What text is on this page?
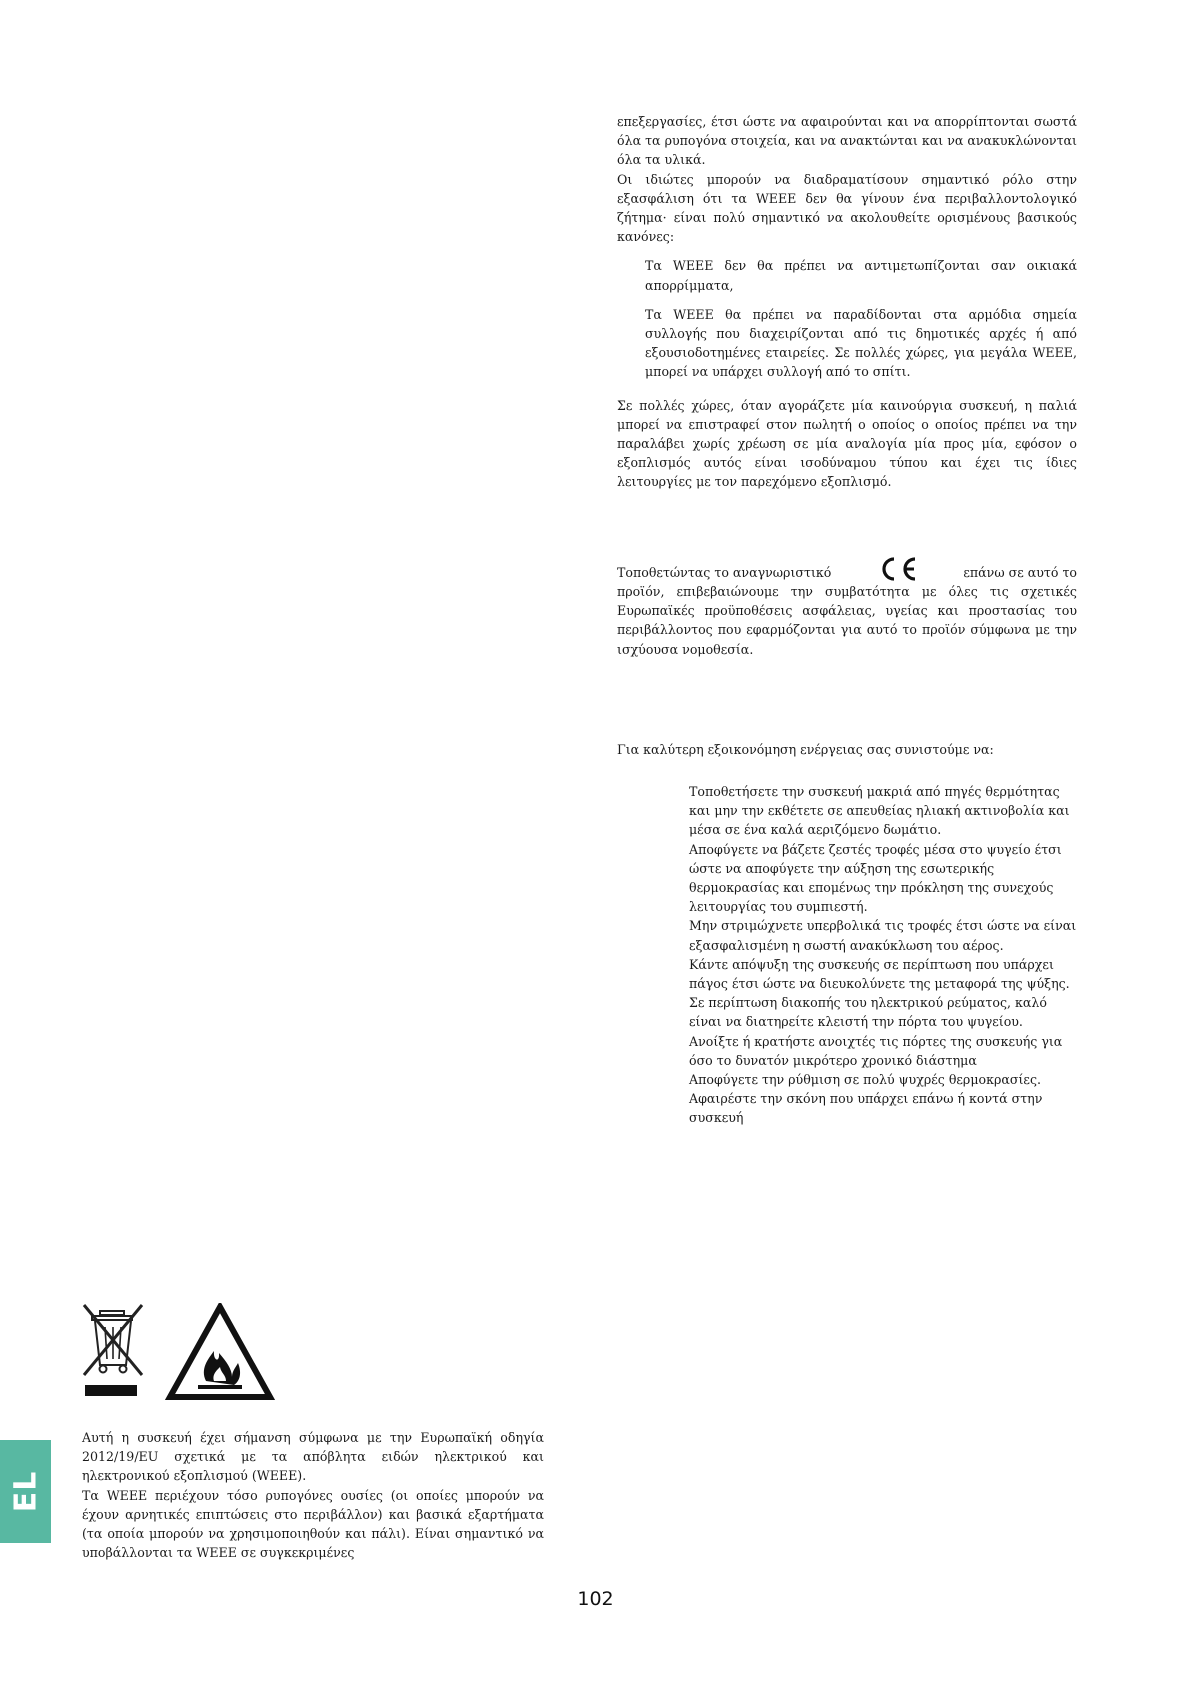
επεξεργασίες, έτσι ώστε να αφαιρούνται και να απορρίπτονται σωστά όλα τα ρυπογόνα στοιχεία, και να ανακτώνται και να ανακυκλώνονται όλα τα υλικά.

Οι ιδιώτες μπορούν να διαδραματίσουν σημαντικό ρόλο στην εξασφάλιση ότι τα WEEE δεν θα γίνουν ένα περιβαλλοντολογικό ζήτημα· είναι πολύ σημαντικό να ακολουθείτε ορισμένους βασικούς κανόνες:

Τα WEEE δεν θα πρέπει να αντιμετωπίζονται σαν οικιακά απορρίμματα,

Τα WEEE θα πρέπει να παραδίδονται στα αρμόδια σημεία συλλογής που διαχειρίζονται από τις δημοτικές αρχές ή από εξουσιοδοτημένες εταιρείες. Σε πολλές χώρες, για μεγάλα WEEE, μπορεί να υπάρχει συλλογή από το σπίτι.

Σε πολλές χώρες, όταν αγοράζετε μία καινούργια συσκευή, η παλιά μπορεί να επιστραφεί στον πωλητή ο οποίος ο οποίος πρέπει να την παραλάβει χωρίς χρέωση σε μία αναλογία μία προς μία, εφόσον ο εξοπλισμός αυτός είναι ισοδύναμου τύπου και έχει τις ίδιες λειτουργίες με τον παρεχόμενο εξοπλισμό.

Τοποθετώντας το αναγνωριστικό	επάνω σε αυτό το

προϊόν, επιβεβαιώνουμε την συμβατότητα με όλες τις σχετικές Ευρωπαϊκές προϋποθέσεις ασφάλειας, υγείας και προστασίας του περιβάλλοντος που εφαρμόζονται για αυτό το προϊόν σύμφωνα με την ισχύουσα νομοθεσία.

Για καλύτερη εξοικονόμηση ενέργειας σας συνιστούμε να:

Τοποθετήσετε την συσκευή μακριά από πηγές θερμότητας και μην την εκθέτετε σε απευθείας ηλιακή ακτινοβολία και μέσα σε ένα καλά αεριζόμενο δωμάτιο.

Αποφύγετε να βάζετε ζεστές τροφές μέσα στο ψυγείο έτσι ώστε να αποφύγετε την αύξηση της εσωτερικής θερμοκρασίας και επομένως την πρόκληση της συνεχούς λειτουργίας του συμπιεστή.

Μην στριμώχνετε υπερβολικά τις τροφές έτσι ώστε να είναι εξασφαλισμένη η σωστή ανακύκλωση του αέρος.

Κάντε απόψυξη της συσκευής σε περίπτωση που υπάρχει πάγος έτσι ώστε να διευκολύνετε της μεταφορά της ψύξης.

Σε περίπτωση διακοπής του ηλεκτρικού ρεύματος, καλό είναι να διατηρείτε κλειστή την πόρτα του ψυγείου.

Ανοίξτε ή κρατήστε ανοιχτές τις πόρτες της συσκευής για όσο το δυνατόν μικρότερο χρονικό διάστημα

Αποφύγετε την ρύθμιση σε πολύ ψυχρές θερμοκρασίες.

Αφαιρέστε την σκόνη που υπάρχει επάνω ή κοντά στην συσκευή

Αυτή η συσκευή έχει σήμανση σύμφωνα με την Ευρωπαϊκή οδηγία 2012/19/EU σχετικά με τα απόβλητα ειδών ηλεκτρικού και ηλεκτρονικού εξοπλισμού (WEEE).

Τα WEEE περιέχουν τόσο ρυπογόνες ουσίες (οι οποίες μπορούν να έχουν αρνητικές επιπτώσεις στο περιβάλλον) και βασικά εξαρτήματα (τα οποία μπορούν να χρησιμοποιηθούν και πάλι). Είναι σημαντικό να υποβάλλονται τα WEEE σε συγκεκριμένες

EL
102
